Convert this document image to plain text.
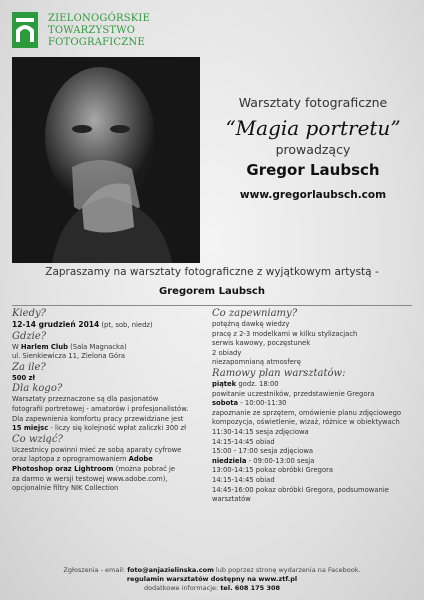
ZIELONOGÓRSKIE
TOWARZYSTWO
FOTOGRAFICZNE
Warsztaty fotograficzne
“Magia portretu”
prowadzący
Gregor Laubsch
www.gregorlaubsch.com
Zapraszamy na warsztaty fotograficzne z wyjątkowym artystą -
Gregorem Laubsch
Kiedy?
12-14 grudzień 2014 (pt, sob, niedz)
Gdzie?
W Harlem Club (Sala Magnacka)
ul. Sienkiewicza 11, Zielona Góra
Za ile?
500 zł
Dla kogo?
Warsztaty przeznaczone są dla pasjonatów
fotografii portretowej - amatorów i profesjonalistów.
Dla zapewnienia komfortu pracy przewidziane jest
15 miejsc - liczy się kolejność wpłat zaliczki 300 zł
Co wziąć?
Uczestnicy powinni mieć ze sobą aparaty cyfrowe
oraz laptopa z oprogramowaniem Adobe
Photoshop oraz Lightroom (można pobrać je
za darmo w wersji testowej www.adobe.com),
opcjonalnie filtry NIK Collection
Co zapewniamy?
potężną dawkę wiedzy
pracę z 2-3 modelkami w kilku stylizacjach
serwis kawowy, poczęstunek
2 obiady
niezapomnianą atmosferę
Ramowy plan warsztatów:
piątek godz. 18:00
powitanie uczestników, przedstawienie Gregora
sobota - 10:00-11:30
zapoznanie ze sprzętem, omówienie planu zdjęciowego
kompozycja, oświetlenie, wizaż, różnice w obiektywach
11:30-14:15 sesja zdjęciowa
14:15-14:45 obiad
15:00 - 17:00 sesja zdjęciowa
niedziela - 09:00-13:00 sesja
13:00-14:15 pokaz obróbki Gregora
14:15-14:45 obiad
14:45-16:00 pokaz obróbki Gregora, podsumowanie
warsztatów
Zgłoszenia - email: foto@anjazielinska.com lub poprzez stronę wydarzenia na Facebook.
regulamin warsztatów dostępny na www.ztf.pl
dodatkowe informacje: tel. 608 175 308
